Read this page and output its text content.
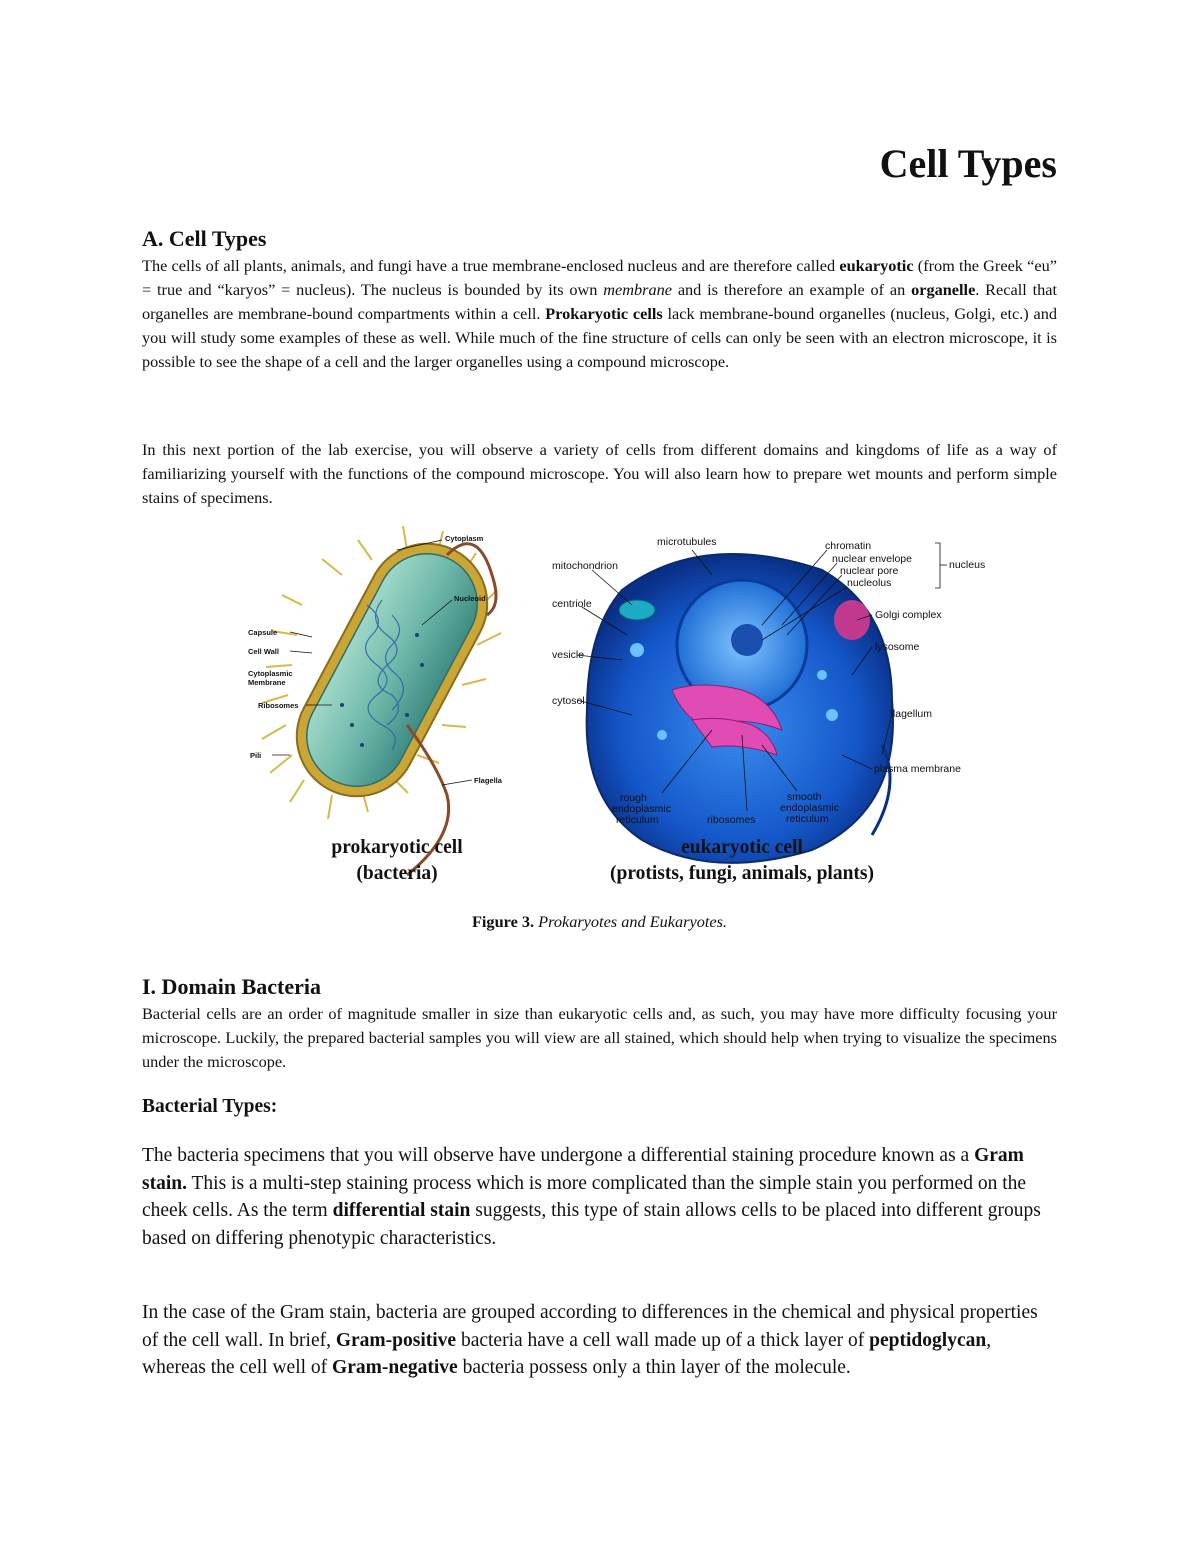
Cell Types
A. Cell Types

The cells of all plants, animals, and fungi have a true membrane-enclosed nucleus and are therefore called eukaryotic (from the Greek “eu” = true and “karyos” = nucleus). The nucleus is bounded by its own membrane and is therefore an example of an organelle. Recall that organelles are membrane-bound compartments within a cell. Prokaryotic cells lack membrane-bound organelles (nucleus, Golgi, etc.) and you will study some examples of these as well. While much of the fine structure of cells can only be seen with an electron microscope, it is possible to see the shape of a cell and the larger organelles using a compound microscope.

In this next portion of the lab exercise, you will observe a variety of cells from different domains and kingdoms of life as a way of familiarizing yourself with the functions of the compound microscope. You will also learn how to prepare wet mounts and perform simple stains of specimens.

Cytoplasm
Nucleoid
Capsule
Cell Wall
Cytoplasmic
Membrane
Ribosomes
Pili
Flagella
microtubules
mitochondrion
centriole
vesicle
cytosol
chromatin
nuclear envelope
nuclear pore
nucleolus
nucleus
Golgi complex
lysosome
flagellum
plasma membrane
rough
endoplasmic
reticulum	ribosomes
smooth
endoplasmic
reticulum
prokaryotic cell
(bacteria)
eukaryotic cell
(protists, fungi, animals, plants)
Figure 3. Prokaryotes and Eukaryotes.
I. Domain Bacteria

Bacterial cells are an order of magnitude smaller in size than eukaryotic cells and, as such, you may have more difficulty focusing your microscope. Luckily, the prepared bacterial samples you will view are all stained, which should help when trying to visualize the specimens under the microscope.

Bacterial Types:

The bacteria specimens that you will observe have undergone a differential staining procedure known as a Gram stain. This is a multi-step staining process which is more complicated than the simple stain you performed on the cheek cells. As the term differential stain suggests, this type of stain allows cells to be placed into different groups based on differing phenotypic characteristics.

In the case of the Gram stain, bacteria are grouped according to differences in the chemical and physical properties of the cell wall. In brief, Gram-positive bacteria have a cell wall made up of a thick layer of peptidoglycan, whereas the cell well of Gram-negative bacteria possess only a thin layer of the molecule.
